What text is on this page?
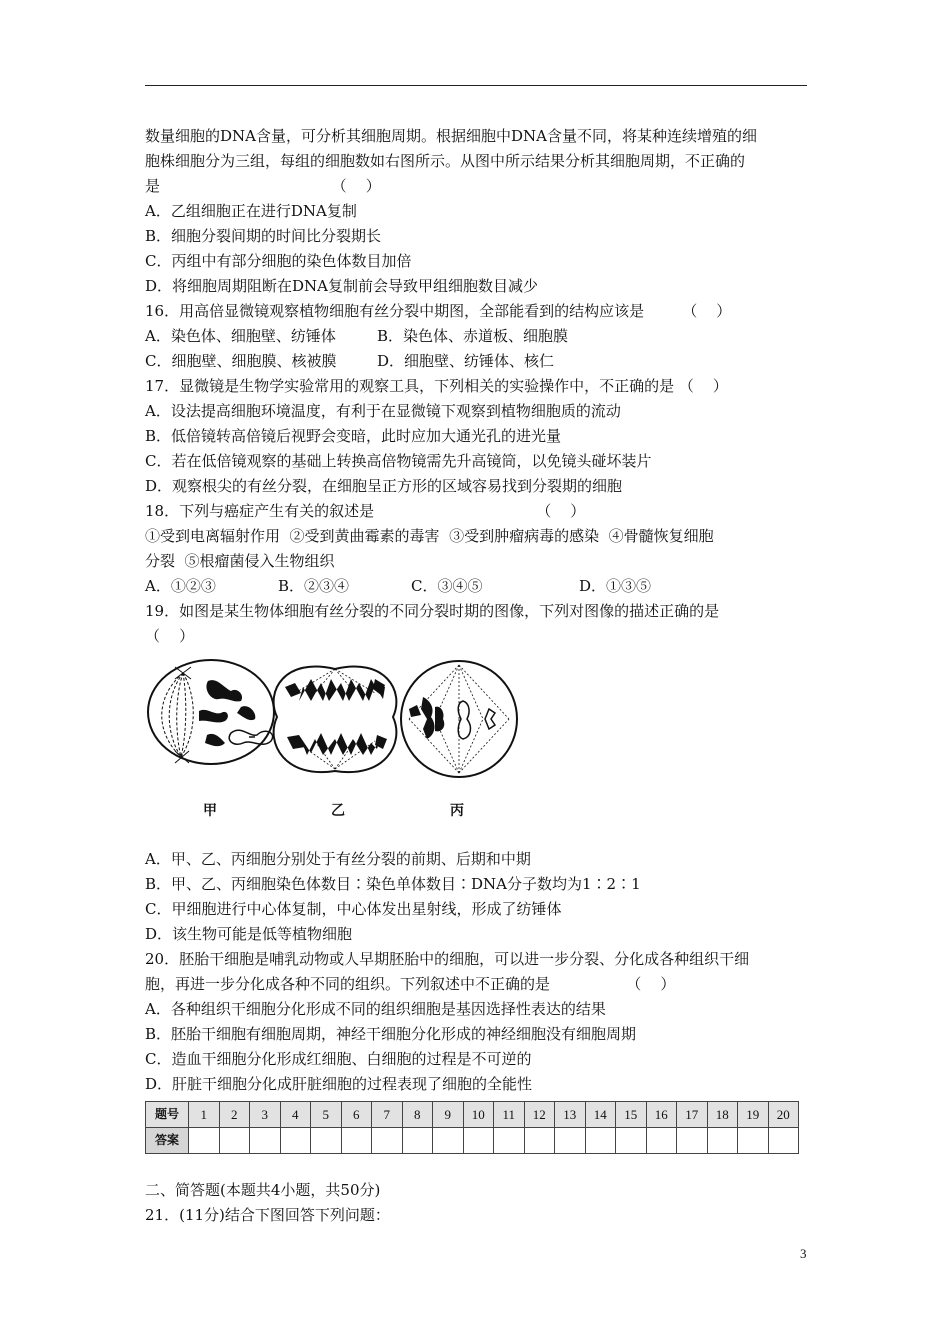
数量细胞的DNA含量，可分析其细胞周期。根据细胞中DNA含量不同，将某种连续增殖的细
胞株细胞分为三组，每组的细胞数如右图所示。从图中所示结果分析其细胞周期，不正确的
是                                    （    ）
A．乙组细胞正在进行DNA复制
B．细胞分裂间期的时间比分裂期长
C．丙组中有部分细胞的染色体数目加倍
D．将细胞周期阻断在DNA复制前会导致甲组细胞数目减少
16．用高倍显微镜观察植物细胞有丝分裂中期图，全部能看到的结构应该是        （    ）
A．染色体、细胞壁、纺锤体	B．染色体、赤道板、细胞膜
C．细胞壁、细胞膜、核被膜	D．细胞壁、纺锤体、核仁
17．显微镜是生物学实验常用的观察工具，下列相关的实验操作中，不正确的是 （    ）
A．设法提高细胞环境温度，有利于在显微镜下观察到植物细胞质的流动
B．低倍镜转高倍镜后视野会变暗，此时应加大通光孔的进光量
C．若在低倍镜观察的基础上转换高倍物镜需先升高镜筒，以免镜头碰坏装片
D．观察根尖的有丝分裂，在细胞呈正方形的区域容易找到分裂期的细胞
18．下列与癌症产生有关的叙述是                                  （    ）
①受到电离辐射作用  ②受到黄曲霉素的毒害  ③受到肿瘤病毒的感染  ④骨髓恢复细胞
分裂  ⑤根瘤菌侵入生物组织
A．①②③	B．②③④	C．③④⑤	D．①③⑤
19．如图是某生物体细胞有丝分裂的不同分裂时期的图像，下列对图像的描述正确的是
（    ）
甲	乙	丙
A．甲、乙、丙细胞分别处于有丝分裂的前期、后期和中期
B．甲、乙、丙细胞染色体数目∶染色单体数目∶DNA分子数均为1∶2∶1
C．甲细胞进行中心体复制，中心体发出星射线，形成了纺锤体
D．该生物可能是低等植物细胞
20．胚胎干细胞是哺乳动物或人早期胚胎中的细胞，可以进一步分裂、分化成各种组织干细
胞，再进一步分化成各种不同的组织。下列叙述中不正确的是                （    ）
A．各种组织干细胞分化形成不同的组织细胞是基因选择性表达的结果
B．胚胎干细胞有细胞周期，神经干细胞分化形成的神经细胞没有细胞周期
C．造血干细胞分化形成红细胞、白细胞的过程是不可逆的
D．肝脏干细胞分化成肝脏细胞的过程表现了细胞的全能性
题号	1	2	3	4	5	6	7	8	9	10	11	12	13	14	15	16	17	18	19	20
答案																				
二、简答题(本题共4小题，共50分)
21．(11分)结合下图回答下列问题：
3
